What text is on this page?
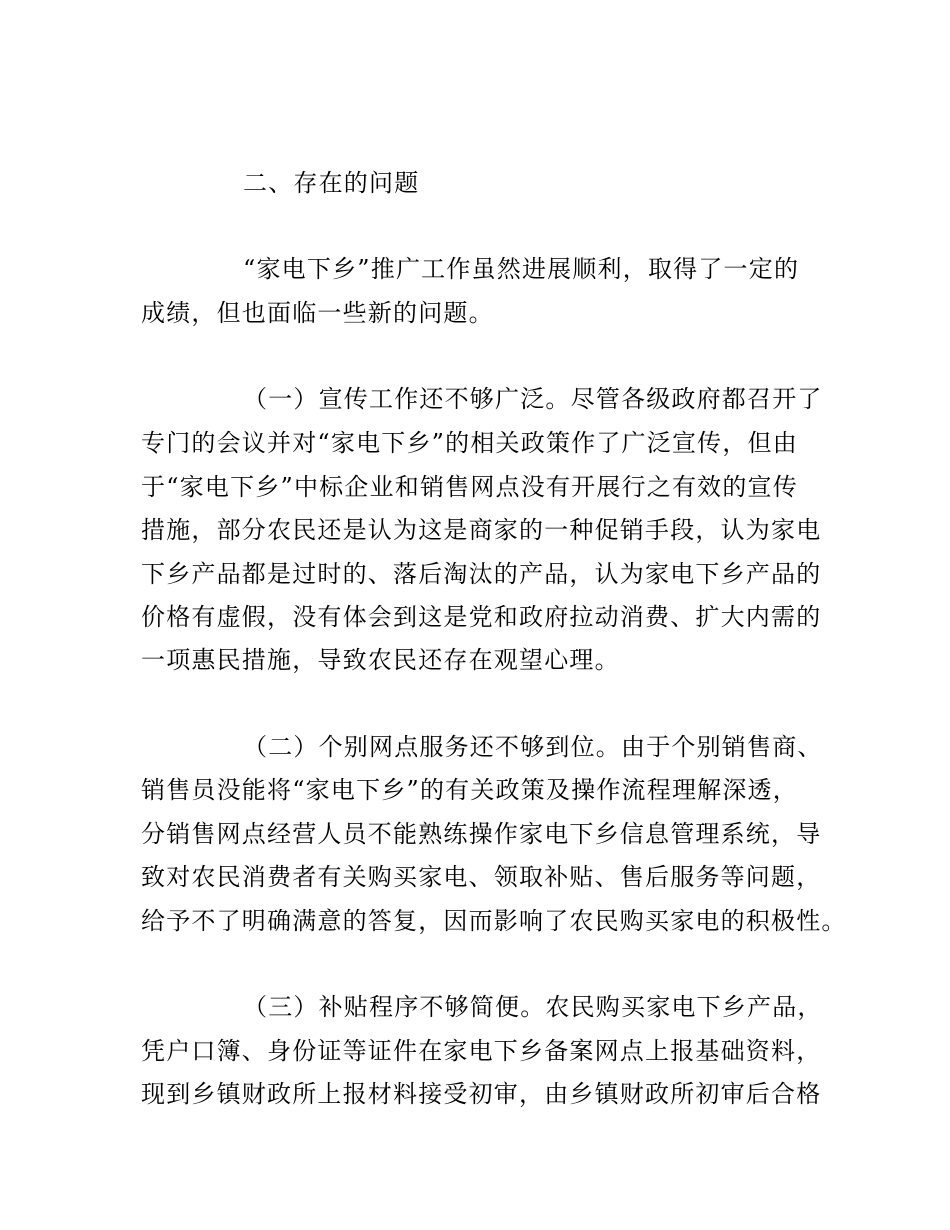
二、存在的问题
“家电下乡”推广工作虽然进展顺利，取得了一定的
成绩，但也面临一些新的问题。
（一）宣传工作还不够广泛。尽管各级政府都召开了
专门的会议并对“家电下乡”的相关政策作了广泛宣传，但由
于“家电下乡”中标企业和销售网点没有开展行之有效的宣传
措施，部分农民还是认为这是商家的一种促销手段，认为家电
下乡产品都是过时的、落后淘汰的产品，认为家电下乡产品的
价格有虚假，没有体会到这是党和政府拉动消费、扩大内需的
一项惠民措施，导致农民还存在观望心理。
（二）个别网点服务还不够到位。由于个别销售商、
销售员没能将“家电下乡”的有关政策及操作流程理解深透，
分销售网点经营人员不能熟练操作家电下乡信息管理系统，导
致对农民消费者有关购买家电、领取补贴、售后服务等问题，
给予不了明确满意的答复，因而影响了农民购买家电的积极性。
（三）补贴程序不够简便。农民购买家电下乡产品，
凭户口簿、身份证等证件在家电下乡备案网点上报基础资料，
现到乡镇财政所上报材料接受初审，由乡镇财政所初审后合格
